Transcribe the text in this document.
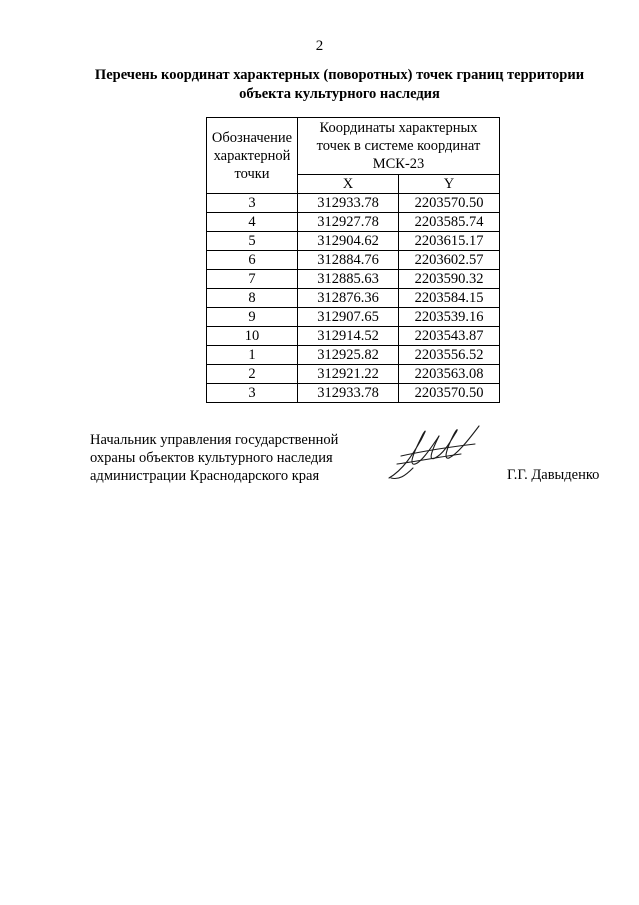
2
Перечень координат характерных (поворотных) точек границ территории
объекта культурного наследия
Обозначение
характерной
точки	Координаты характерных
точек в системе координат
МСК-23	

	X	Y
3	312933.78	2203570.50
4	312927.78	2203585.74
5	312904.62	2203615.17
6	312884.76	2203602.57
7	312885.63	2203590.32
8	312876.36	2203584.15
9	312907.65	2203539.16
10	312914.52	2203543.87
1	312925.82	2203556.52
2	312921.22	2203563.08
3	312933.78	2203570.50
Начальник управления государственной
охраны объектов культурного наследия
администрации Краснодарского края	Г.Г. Давыденко
